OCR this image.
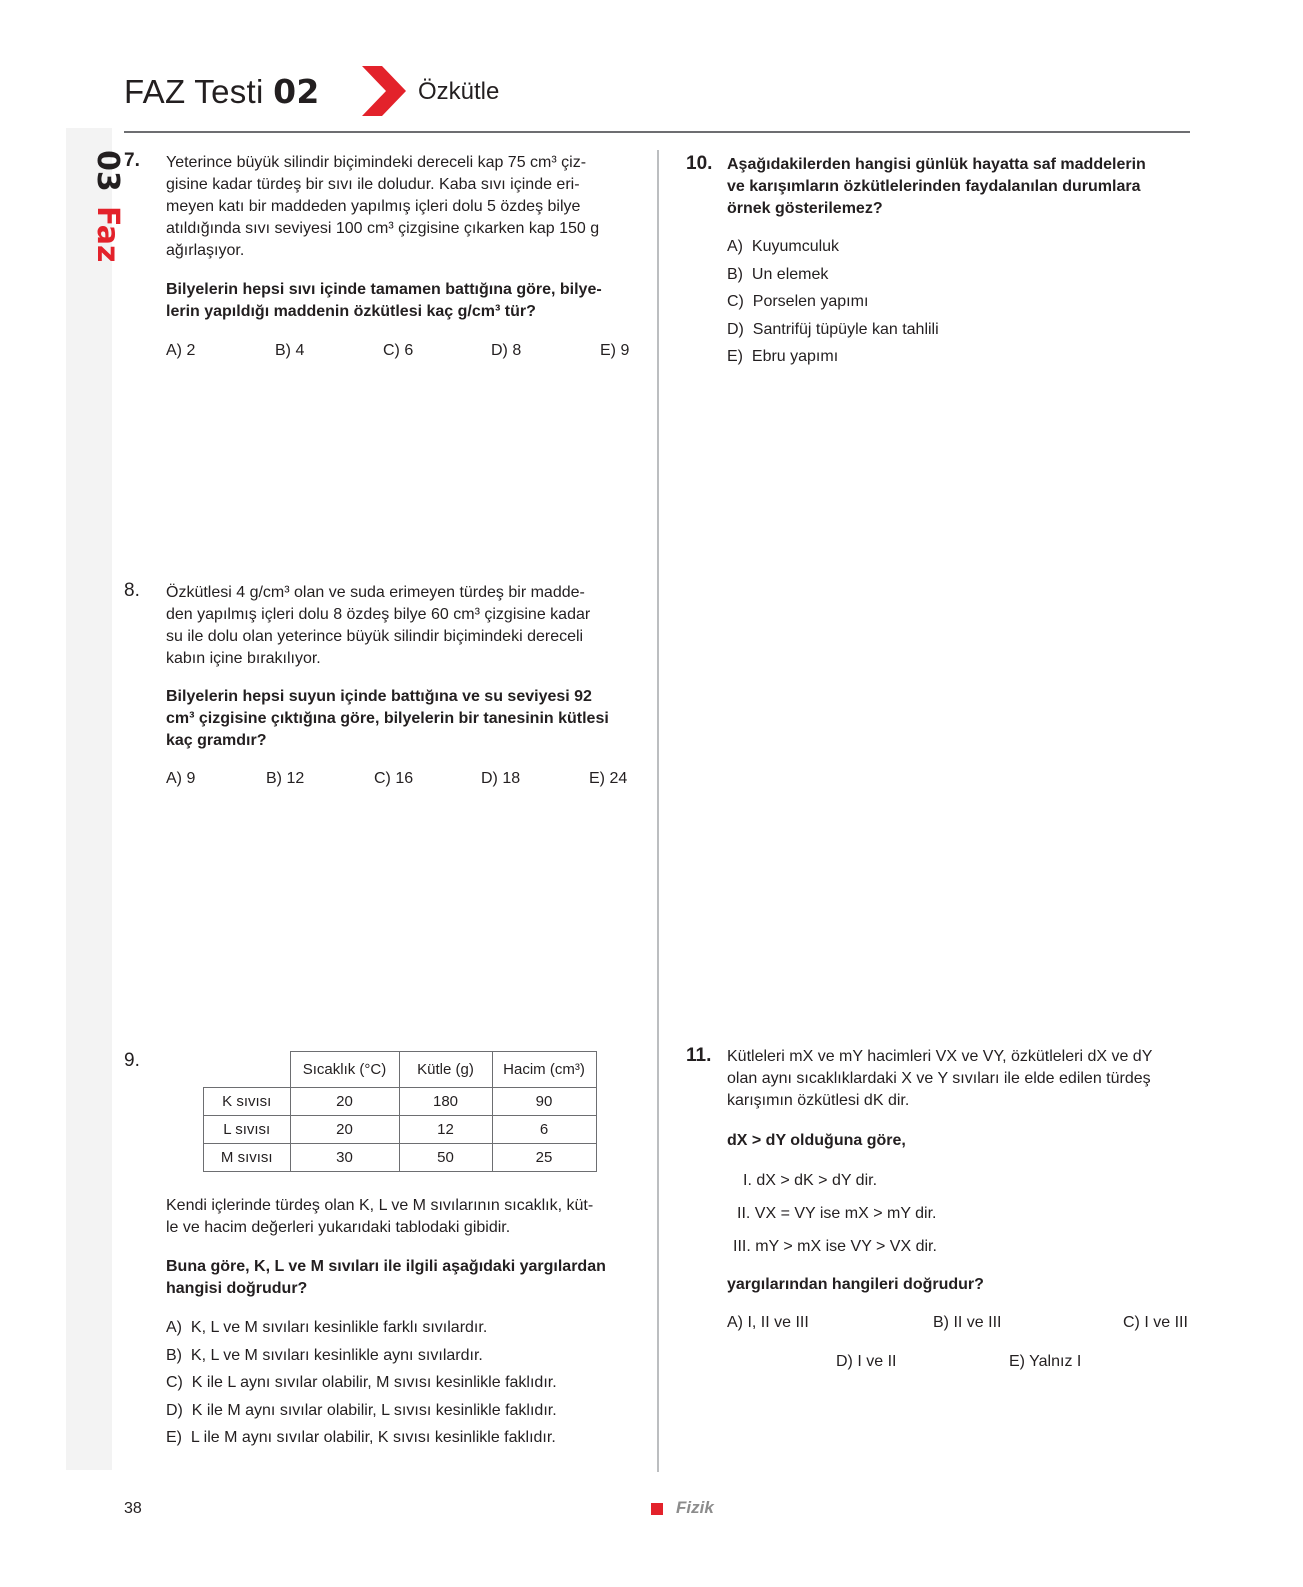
03
Faz
FAZ Testi 02	Özkütle
7. Yeterince büyük silindir biçimindeki dereceli kap 75 cm³ çiz-
gisine kadar türdeş bir sıvı ile doludur. Kaba sıvı içinde eri-
meyen katı bir maddeden yapılmış içleri dolu 5 özdeş bilye
atıldığında sıvı seviyesi 100 cm³ çizgisine çıkarken kap 150 g
ağırlaşıyor.
Bilyelerin hepsi sıvı içinde tamamen battığına göre, bilye-
lerin yapıldığı maddenin özkütlesi kaç g/cm³ tür?
A) 2	B) 4	C) 6	D) 8	E) 9
8. Özkütlesi 4 g/cm³ olan ve suda erimeyen türdeş bir madde-
den yapılmış içleri dolu 8 özdeş bilye 60 cm³ çizgisine kadar
su ile dolu olan yeterince büyük silindir biçimindeki dereceli
kabın içine bırakılıyor.
Bilyelerin hepsi suyun içinde battığına ve su seviyesi 92
cm³ çizgisine çıktığına göre, bilyelerin bir tanesinin kütlesi
kaç gramdır?
A) 9	B) 12	C) 16	D) 18	E) 24
9.
		Sıcaklık (°C)	Kütle (g)	Hacim (cm³)
K sıvısı	20	180	90
L sıvısı	20	12	6
M sıvısı	30	50	25
Kendi içlerinde türdeş olan K, L ve M sıvılarının sıcaklık, küt-
le ve hacim değerleri yukarıdaki tablodaki gibidir.
Buna göre, K, L ve M sıvıları ile ilgili aşağıdaki yargılardan
hangisi doğrudur?
A) K, L ve M sıvıları kesinlikle farklı sıvılardır.
B) K, L ve M sıvıları kesinlikle aynı sıvılardır.
C) K ile L aynı sıvılar olabilir, M sıvısı kesinlikle faklıdır.
D) K ile M aynı sıvılar olabilir, L sıvısı kesinlikle faklıdır.
E) L ile M aynı sıvılar olabilir, K sıvısı kesinlikle faklıdır.
10. Aşağıdakilerden hangisi günlük hayatta saf maddelerin
ve karışımların özkütlelerinden faydalanılan durumlara
örnek gösterilemez?
A) Kuyumculuk
B) Un elemek
C) Porselen yapımı
D) Santrifüj tüpüyle kan tahlili
E) Ebru yapımı
11. Kütleleri mX ve mY hacimleri VX ve VY, özkütleleri dX ve dY
olan aynı sıcaklıklardaki X ve Y sıvıları ile elde edilen türdeş
karışımın özkütlesi dK dir.
dX > dY olduğuna göre,
I. dX > dK > dY dir.
II. VX = VY ise mX > mY dir.
III. mY > mX ise VY > VX dir.
yargılarından hangileri doğrudur?
A) I, II ve III	B) II ve III	C) I ve III
D) I ve II	E) Yalnız I
38	Fizik
